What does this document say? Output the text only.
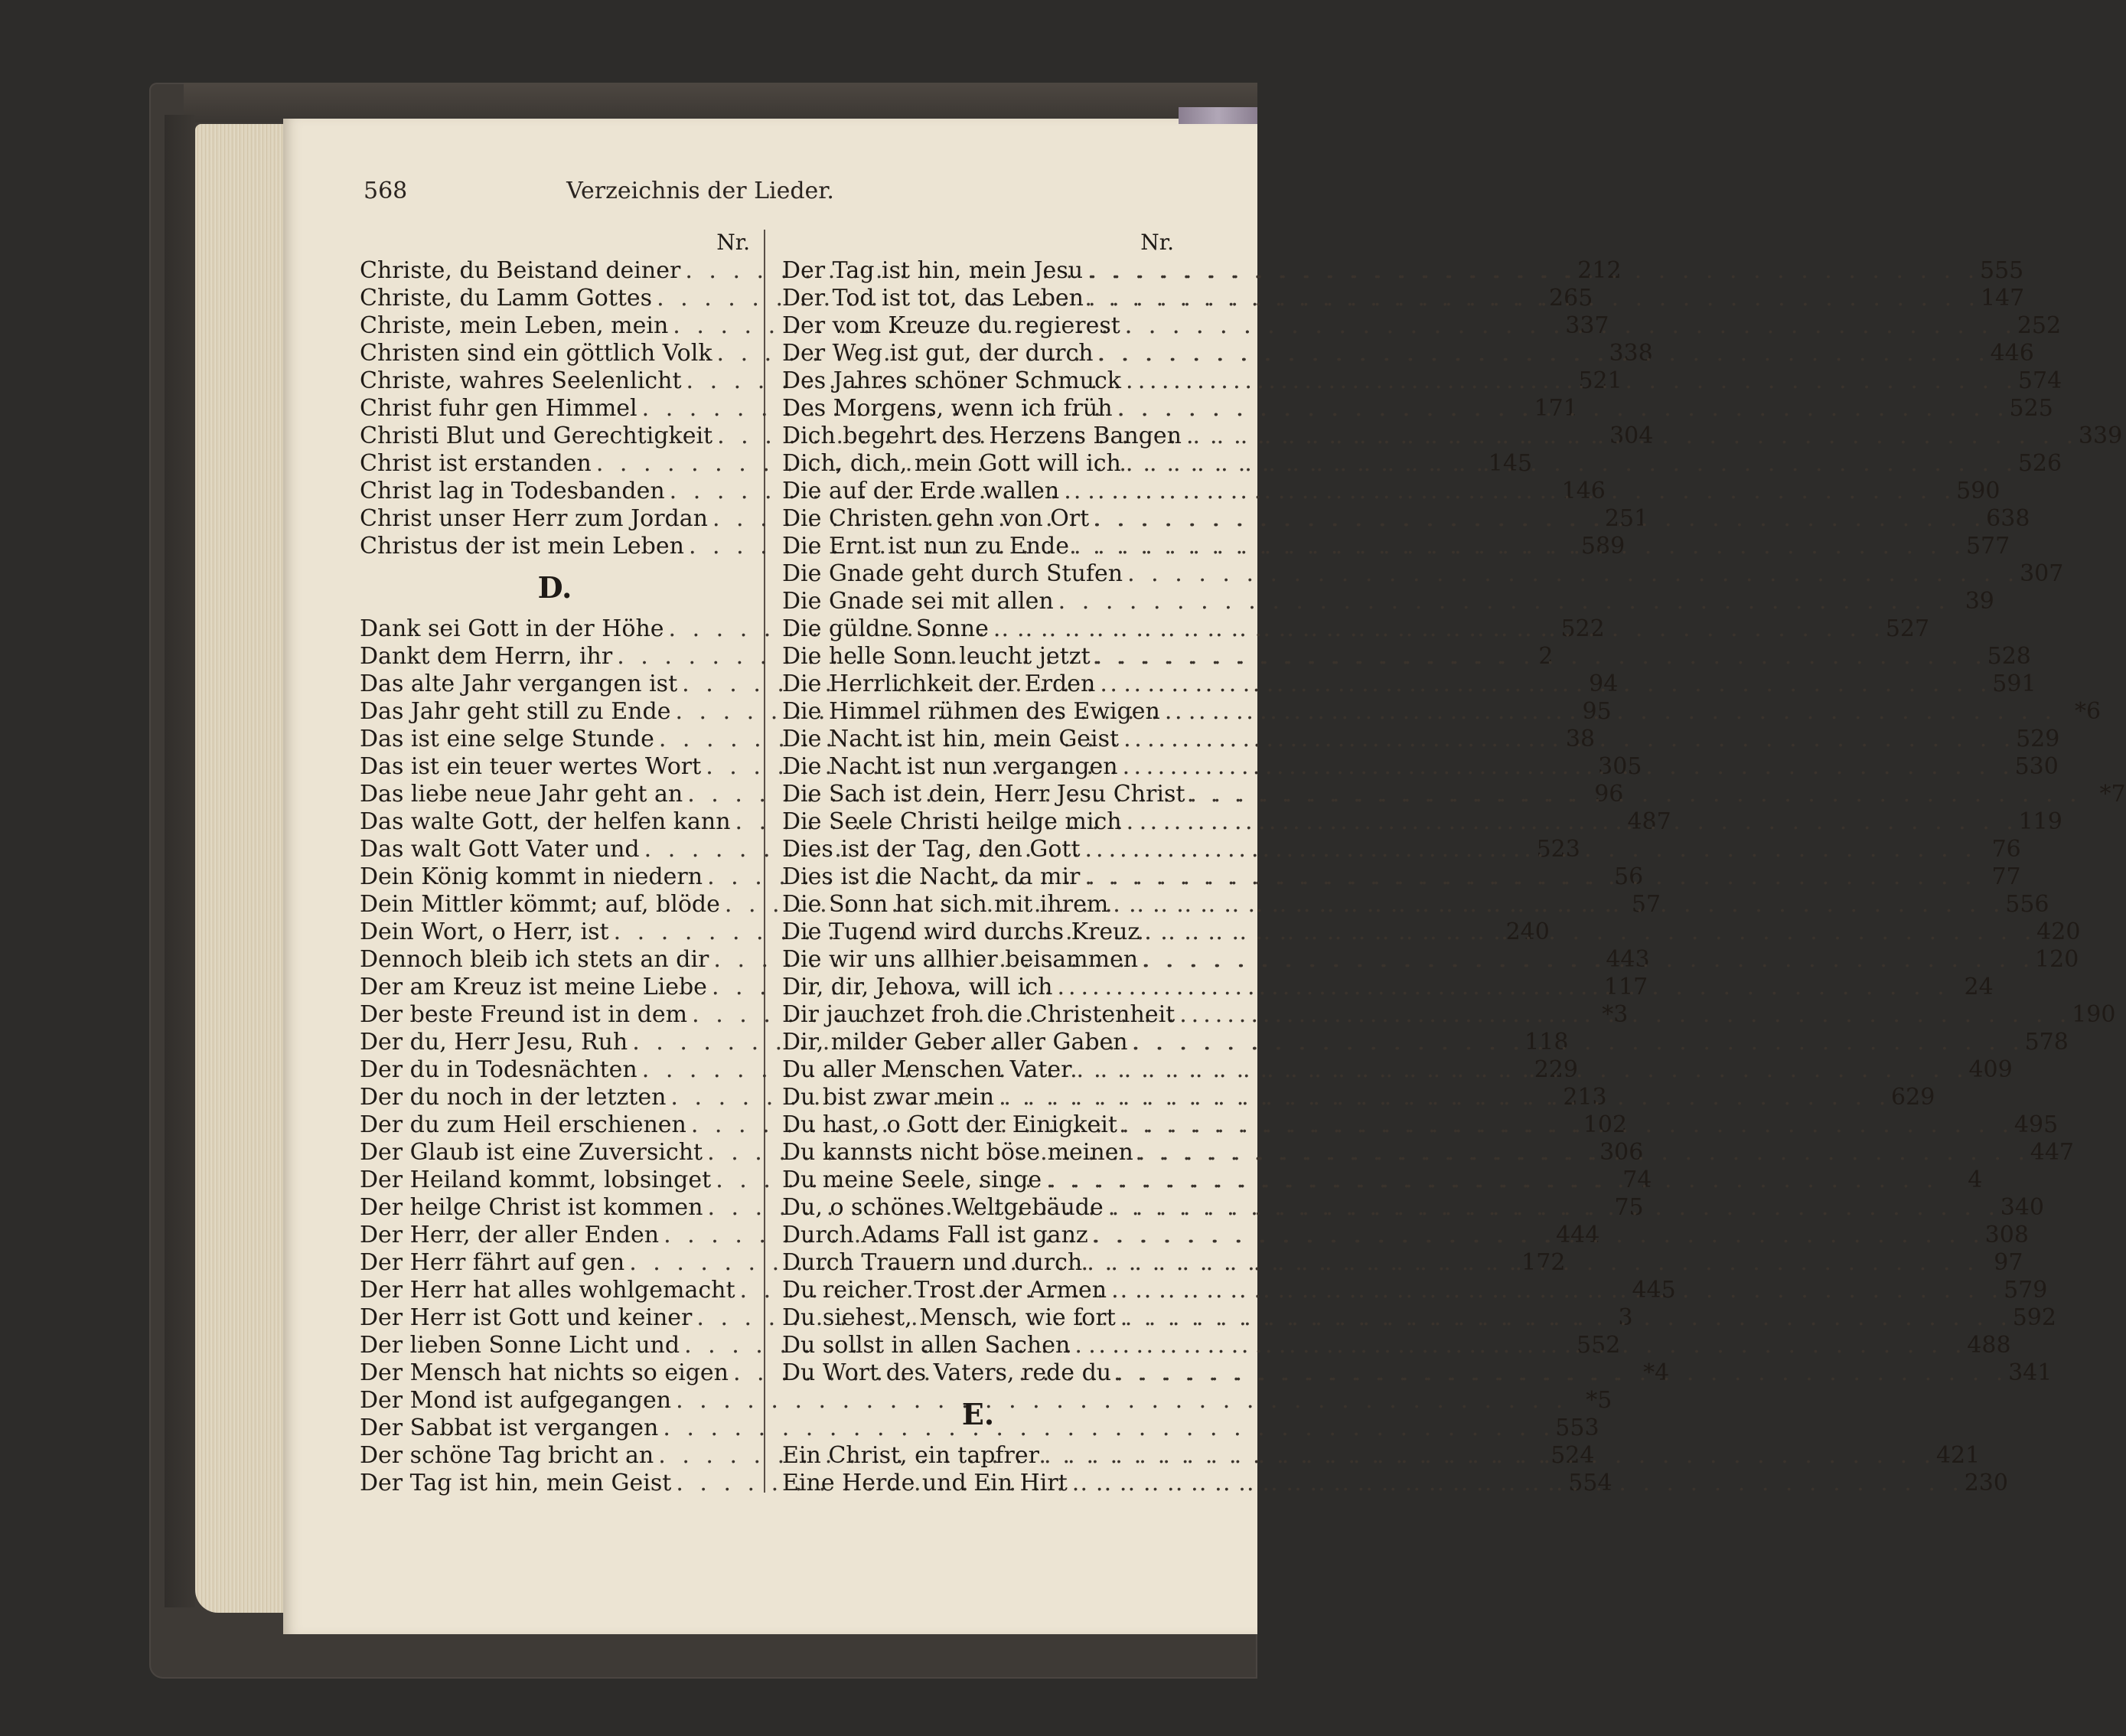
568	Verzeichnis der Lieder.
Nr.
Christe, du Beistand deiner . . .	212
Christe, du Lamm Gottes . . .	265
Christe, mein Leben, mein . . .	337
Christen sind ein göttlich Volk . . .	338
Christe, wahres Seelenlicht . . .	521
Christ fuhr gen Himmel . . .	171
Christi Blut und Gerechtigkeit . . .	304
Christ ist erstanden . . .	145
Christ lag in Todesbanden . . .	146
Christ unser Herr zum Jordan . . .	251
Christus der ist mein Leben . . .	589
D.
Dank sei Gott in der Höhe . . .	522
Dankt dem Herrn, ihr . . .	2
Das alte Jahr vergangen ist . . .	94
Das Jahr geht still zu Ende . . .	95
Das ist eine selge Stunde . . .	38
Das ist ein teuer wertes Wort . . .	305
Das liebe neue Jahr geht an . . .	96
Das walte Gott, der helfen kann . . .	487
Das walt Gott Vater und . . .	523
Dein König kommt in niedern . . .	56
Dein Mittler kömmt; auf, blöde . . .	57
Dein Wort, o Herr, ist . . .	240
Dennoch bleib ich stets an dir . . .	443
Der am Kreuz ist meine Liebe . . .	117
Der beste Freund ist in dem . . .	*3
Der du, Herr Jesu, Ruh . . .	118
Der du in Todesnächten . . .	229
Der du noch in der letzten . . .	213
Der du zum Heil erschienen . . .	102
Der Glaub ist eine Zuversicht . . .	306
Der Heiland kommt, lobsinget . . .	74
Der heilge Christ ist kommen . . .	75
Der Herr, der aller Enden . . .	444
Der Herr fährt auf gen . . .	172
Der Herr hat alles wohlgemacht . . .	445
Der Herr ist Gott und keiner . . .	3
Der lieben Sonne Licht und . . .	552
Der Mensch hat nichts so eigen . . .	*4
Der Mond ist aufgegangen . . .	*5
Der Sabbat ist vergangen . . .	553
Der schöne Tag bricht an . . .	524
Der Tag ist hin, mein Geist . . .	554
Nr.
Der Tag ist hin, mein Jesu . . .	555
Der Tod ist tot, das Leben . . .	147
Der vom Kreuze du regierest . . .	252
Der Weg ist gut, der durch . . .	446
Des Jahres schöner Schmuck . . .	574
Des Morgens, wenn ich früh . . .	525
Dich begehrt des Herzens Bangen . . .	339
Dich, dich, mein Gott will ich . . .	526
Die auf der Erde wallen . . .	590
Die Christen gehn von Ort . . .	638
Die Ernt ist nun zu Ende . . .	577
Die Gnade geht durch Stufen . . .	307
Die Gnade sei mit allen . . .	39
Die güldne Sonne . . .	527
Die helle Sonn leucht jetzt . . .	528
Die Herrlichkeit der Erden . . .	591
Die Himmel rühmen des Ewigen . . .	*6
Die Nacht ist hin, mein Geist . . .	529
Die Nacht ist nun vergangen . . .	530
Die Sach ist dein, Herr Jesu Christ . . .	*7
Die Seele Christi heilge mich . . .	119
Dies ist der Tag, den Gott . . .	76
Dies ist die Nacht, da mir . . .	77
Die Sonn hat sich mit ihrem . . .	556
Die Tugend wird durchs Kreuz . . .	420
Die wir uns allhier beisammen . . .	120
Dir, dir, Jehova, will ich . . .	24
Dir jauchzet froh die Christenheit . . .	190
Dir, milder Geber aller Gaben . . .	578
Du aller Menschen Vater . . .	409
Du bist zwar mein . . .	629
Du hast, o Gott der Einigkeit . . .	495
Du kannsts nicht böse meinen . . .	447
Du meine Seele, singe . . .	4
Du, o schönes Weltgebäude . . .	340
Durch Adams Fall ist ganz . . .	308
Durch Trauern und durch . . .	97
Du reicher Trost der Armen . . .	579
Du siehest, Mensch, wie fort . . .	592
Du sollst in allen Sachen . . .	488
Du Wort des Vaters, rede du . . .	341
E.
Ein Christ, ein tapfrer . . .	421
Eine Herde und Ein Hirt . . .	230
